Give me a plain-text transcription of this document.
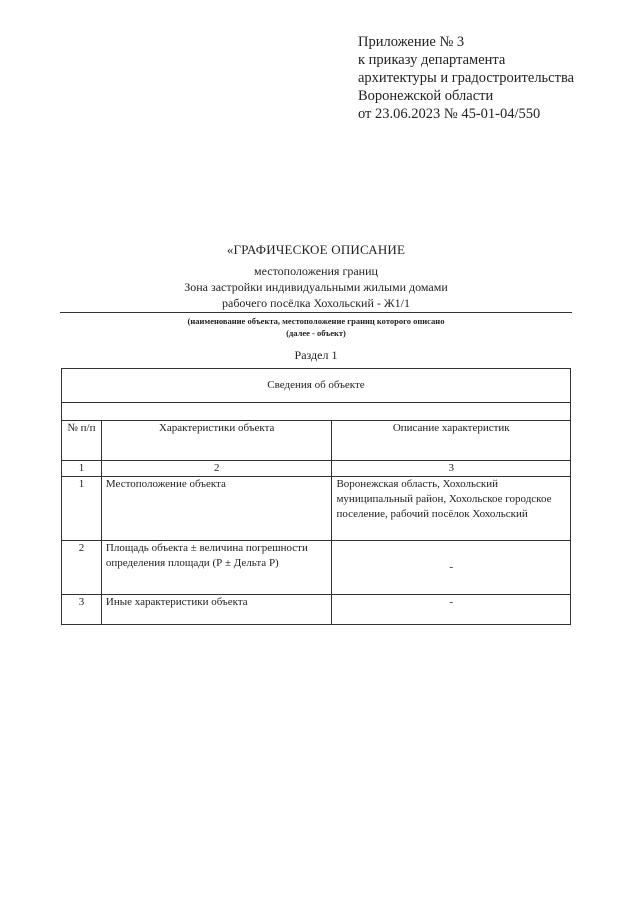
Приложение № 3
к приказу департамента
архитектуры и градостроительства
Воронежской области
от 23.06.2023 № 45-01-04/550
«ГРАФИЧЕСКОЕ ОПИСАНИЕ
местоположения границ
Зона застройки индивидуальными жилыми домами
рабочего посёлка Хохольский - Ж1/1
(наименование объекта, местоположение границ которого описано
(далее - объект)
Раздел 1
Сведения об объекте		

№ п/п	Характеристики объекта	Описание характеристик
1	2	3
1	Местоположение объекта	Воронежская область, Хохольский муниципальный район, Хохольское городское поселение, рабочий посёлок Хохольский
2	Площадь объекта ± величина погрешности определения площади (Р ± Дельта Р)	-
3	Иные характеристики объекта	-
